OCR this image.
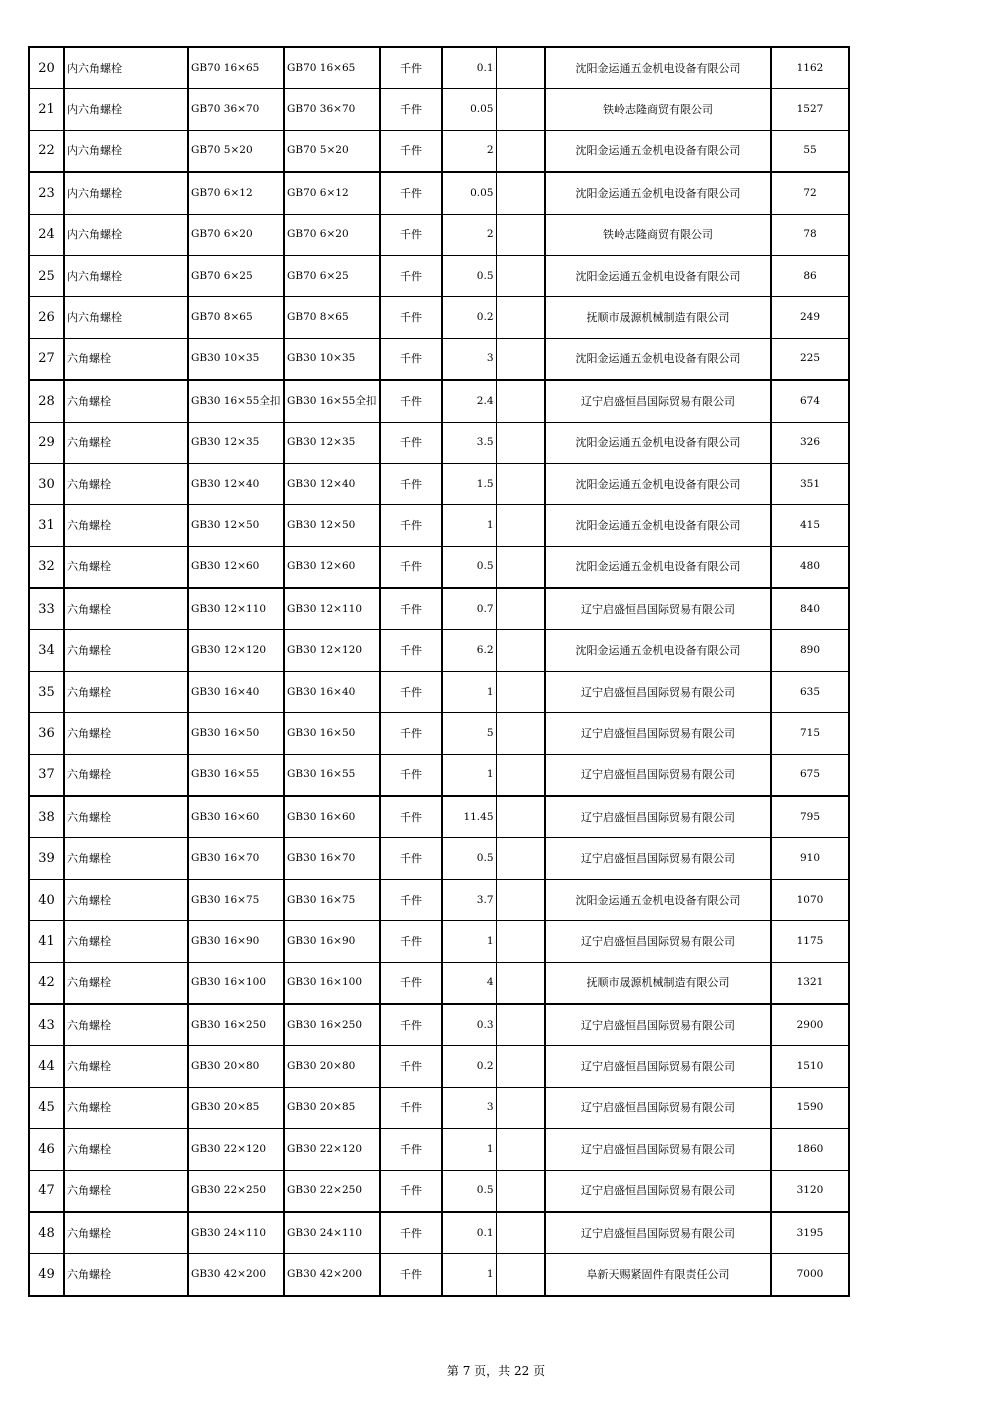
20	内六角螺栓	GB70 16×65	GB70 16×65	千件	0.1		沈阳金运通五金机电设备有限公司	1162
21	内六角螺栓	GB70 36×70	GB70 36×70	千件	0.05		铁岭志隆商贸有限公司	1527
22	内六角螺栓	GB70 5×20	GB70 5×20	千件	2		沈阳金运通五金机电设备有限公司	55
23	内六角螺栓	GB70 6×12	GB70 6×12	千件	0.05		沈阳金运通五金机电设备有限公司	72
24	内六角螺栓	GB70 6×20	GB70 6×20	千件	2		铁岭志隆商贸有限公司	78
25	内六角螺栓	GB70 6×25	GB70 6×25	千件	0.5		沈阳金运通五金机电设备有限公司	86
26	内六角螺栓	GB70 8×65	GB70 8×65	千件	0.2		抚顺市晟源机械制造有限公司	249
27	六角螺栓	GB30 10×35	GB30 10×35	千件	3		沈阳金运通五金机电设备有限公司	225
28	六角螺栓	GB30 16×55全扣	GB30 16×55全扣	千件	2.4		辽宁启盛恒昌国际贸易有限公司	674
29	六角螺栓	GB30 12×35	GB30 12×35	千件	3.5		沈阳金运通五金机电设备有限公司	326
30	六角螺栓	GB30 12×40	GB30 12×40	千件	1.5		沈阳金运通五金机电设备有限公司	351
31	六角螺栓	GB30 12×50	GB30 12×50	千件	1		沈阳金运通五金机电设备有限公司	415
32	六角螺栓	GB30 12×60	GB30 12×60	千件	0.5		沈阳金运通五金机电设备有限公司	480
33	六角螺栓	GB30 12×110	GB30 12×110	千件	0.7		辽宁启盛恒昌国际贸易有限公司	840
34	六角螺栓	GB30 12×120	GB30 12×120	千件	6.2		沈阳金运通五金机电设备有限公司	890
35	六角螺栓	GB30 16×40	GB30 16×40	千件	1		辽宁启盛恒昌国际贸易有限公司	635
36	六角螺栓	GB30 16×50	GB30 16×50	千件	5		辽宁启盛恒昌国际贸易有限公司	715
37	六角螺栓	GB30 16×55	GB30 16×55	千件	1		辽宁启盛恒昌国际贸易有限公司	675
38	六角螺栓	GB30 16×60	GB30 16×60	千件	11.45		辽宁启盛恒昌国际贸易有限公司	795
39	六角螺栓	GB30 16×70	GB30 16×70	千件	0.5		辽宁启盛恒昌国际贸易有限公司	910
40	六角螺栓	GB30 16×75	GB30 16×75	千件	3.7		沈阳金运通五金机电设备有限公司	1070
41	六角螺栓	GB30 16×90	GB30 16×90	千件	1		辽宁启盛恒昌国际贸易有限公司	1175
42	六角螺栓	GB30 16×100	GB30 16×100	千件	4		抚顺市晟源机械制造有限公司	1321
43	六角螺栓	GB30 16×250	GB30 16×250	千件	0.3		辽宁启盛恒昌国际贸易有限公司	2900
44	六角螺栓	GB30 20×80	GB30 20×80	千件	0.2		辽宁启盛恒昌国际贸易有限公司	1510
45	六角螺栓	GB30 20×85	GB30 20×85	千件	3		辽宁启盛恒昌国际贸易有限公司	1590
46	六角螺栓	GB30 22×120	GB30 22×120	千件	1		辽宁启盛恒昌国际贸易有限公司	1860
47	六角螺栓	GB30 22×250	GB30 22×250	千件	0.5		辽宁启盛恒昌国际贸易有限公司	3120
48	六角螺栓	GB30 24×110	GB30 24×110	千件	0.1		辽宁启盛恒昌国际贸易有限公司	3195
49	六角螺栓	GB30 42×200	GB30 42×200	千件	1		阜新天赐紧固件有限责任公司	7000
第 7 页，共 22 页
